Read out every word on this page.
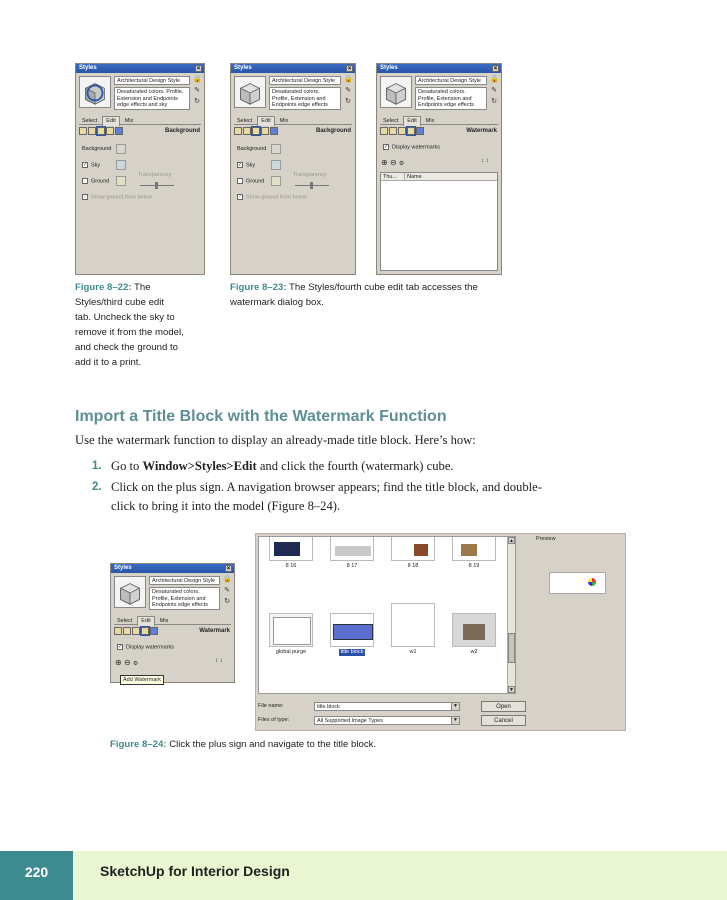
Styles	×
Architectural Design Style
Desaturated colors. Profile,
Extension and Endpoints
edge effects and sky
🔒
✎
↻
Select Edit Mix
Background
Background
✓ Sky
Ground
Transparency
✓ Show ground from below
Styles	×
Architectural Design Style
Desaturated colors.
Profile, Extension and
Endpoints edge effects
🔒
✎
↻
Select Edit Mix
Background
Background
✓ Sky
Ground
Transparency
✓ Show ground from below
Styles	×
Architectural Design Style
Desaturated colors.
Profile, Extension and
Endpoints edge effects
🔒
✎
↻
Select Edit Mix
Watermark
✓ Display watermarks
⊕ ⊖ ⚙	↕ ↕
Thu... Name
Figure 8–22: The
Styles/third cube edit
tab. Uncheck the sky to
remove it from the model,
and check the ground to
add it to a print.
Figure 8–23: The Styles/fourth cube edit tab accesses the
watermark dialog box.
Import a Title Block with the Watermark Function
Use the watermark function to display an already-made title block. Here’s how:
1. Go to Window>Styles>Edit and click the fourth (watermark) cube.
2. Click on the plus sign. A navigation browser appears; find the title block, and double-
click to bring it into the model (Figure 8–24).
Styles	×
Architectural Design Style
Desaturated colors.
Profile, Extension and
Endpoints edge effects
🔒
✎
↻
Select Edit Mix
Watermark
✓ Display watermarks
⊕ ⊖ ⚙	↕ ↕
Add Watermark
8 16	8 17	8 18	8 19
global purge	title block	w1	w2
▲
▼
Preview
File name:	title block	▼
Files of type:	All Supported Image Types	▼
Open
Cancel
Figure 8–24: Click the plus sign and navigate to the title block.
220	SketchUp for Interior Design
